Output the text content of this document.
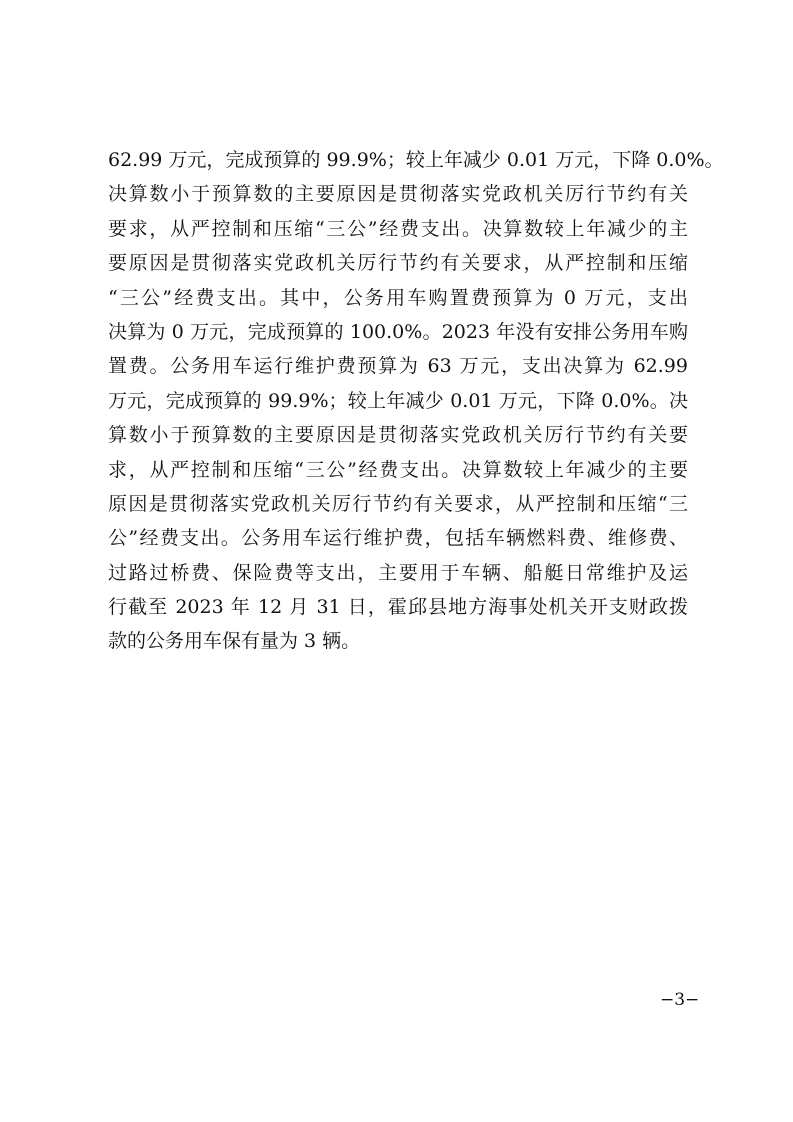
62.99 万元，完成预算的 99.9%；较上年减少 0.01 万元，下降 0.0%。
决算数小于预算数的主要原因是贯彻落实党政机关厉行节约有关
要求，从严控制和压缩“三公”经费支出。决算数较上年减少的主
要原因是贯彻落实党政机关厉行节约有关要求，从严控制和压缩
“三公”经费支出。其中，公务用车购置费预算为 0 万元，支出
决算为 0 万元，完成预算的 100.0%。2023 年没有安排公务用车购
置费。公务用车运行维护费预算为 63 万元，支出决算为 62.99
万元，完成预算的 99.9%；较上年减少 0.01 万元，下降 0.0%。决
算数小于预算数的主要原因是贯彻落实党政机关厉行节约有关要
求，从严控制和压缩“三公”经费支出。决算数较上年减少的主要
原因是贯彻落实党政机关厉行节约有关要求，从严控制和压缩“三
公”经费支出。公务用车运行维护费，包括车辆燃料费、维修费、
过路过桥费、保险费等支出，主要用于车辆、船艇日常维护及运
行截至 2023 年 12 月 31 日，霍邱县地方海事处机关开支财政拨
款的公务用车保有量为 3 辆。
−3−
